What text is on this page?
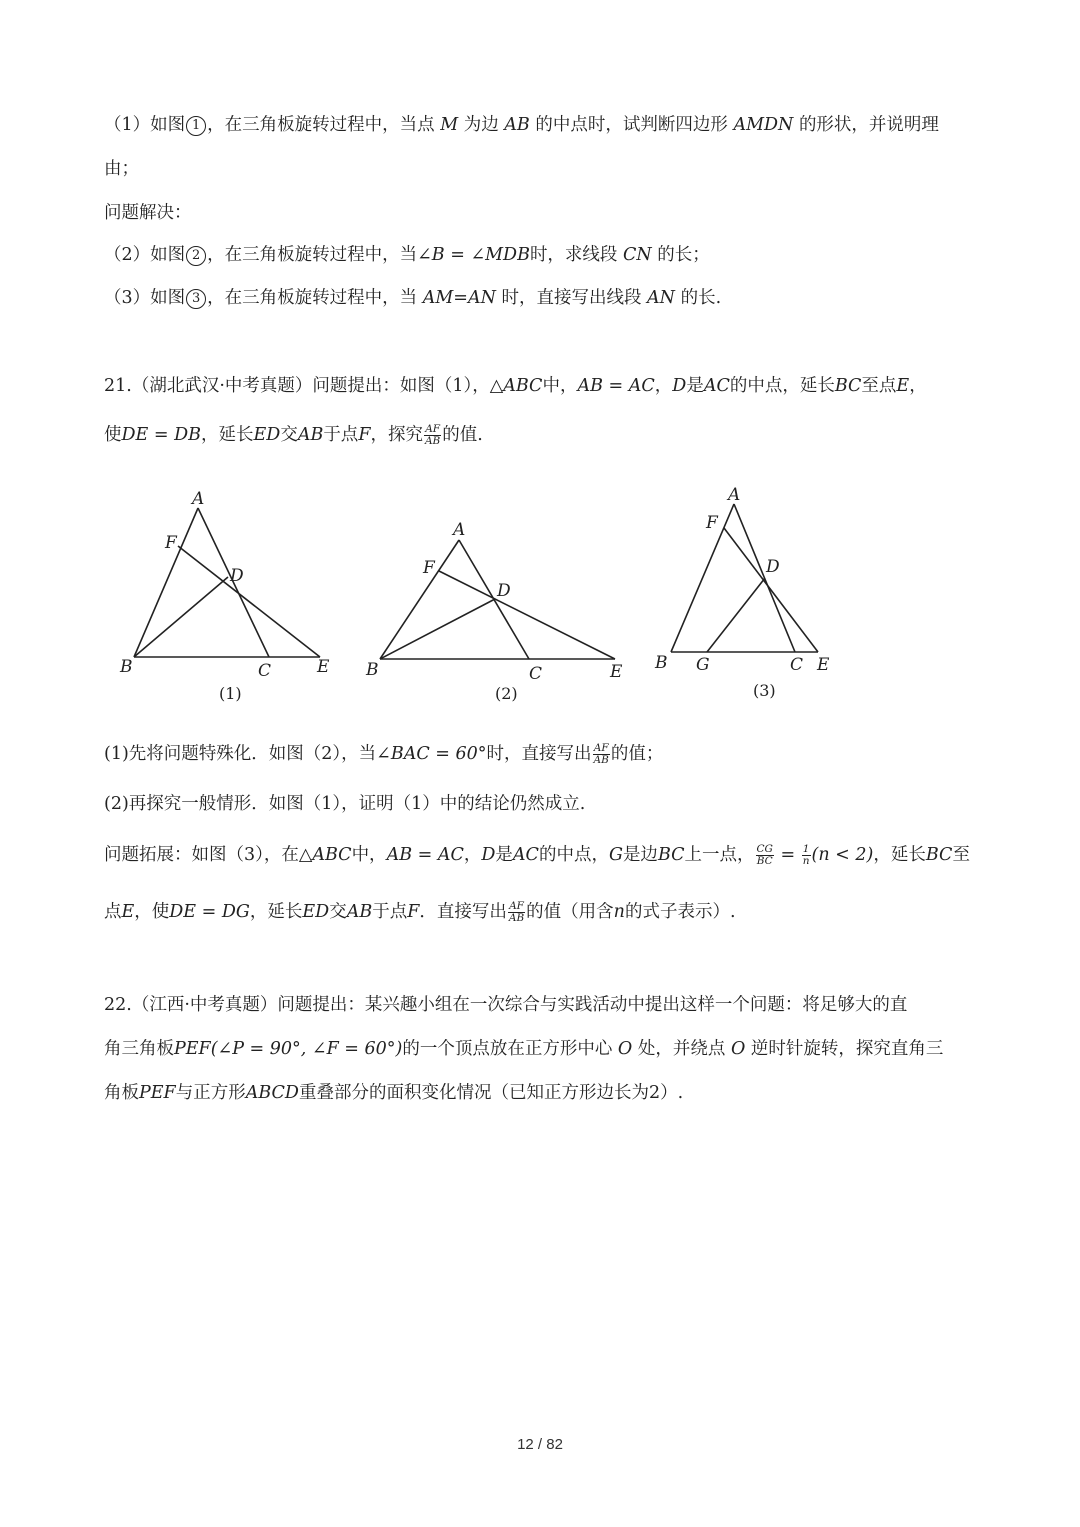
（1）如图 1 ，在三角板旋转过程中，当点 M 为边 AB 的中点时，试判断四边形 AMDN 的形状，并说明理
由；
问题解决：
（2）如图 2 ，在三角板旋转过程中，当∠B = ∠MDB时，求线段 CN 的长；
（3）如图 3 ，在三角板旋转过程中，当 AM=AN 时，直接写出线段 AN 的长.
21.（湖北武汉·中考真题）问题提出：如图（1），△ABC中，AB = AC，D是AC的中点，延长BC至点E，
使DE = DB，延长ED交AB于点F，探究 $\frac{AF}{AB}$ 的值.
A
F
D
B	C	E
(1)
A
F
D
B	C	E
(2)
A
F
D
B G	C E
(3)
(1)先将问题特殊化．如图（2），当∠BAC = 60°时，直接写出 $\frac{AF}{AB}$ 的值；
(2)再探究一般情形．如图（1），证明（1）中的结论仍然成立.
问题拓展：如图（3），在△ABC中，AB = AC，D是AC的中点，G是边BC上一点， $\frac{CG}{BC} = \frac{1}{n} (n < 2)$，延长BC至
点E，使DE = DG，延长ED交AB于点F．直接写出 $\frac{AF}{AB}$ 的值（用含n的式子表示）.
22.（江西·中考真题）问题提出：某兴趣小组在一次综合与实践活动中提出这样一个问题：将足够大的直
角三角板PEF(∠P = 90°, ∠F = 60°)的一个顶点放在正方形中心 O 处，并绕点 O 逆时针旋转，探究直角三
角板PEF与正方形ABCD重叠部分的面积变化情况（已知正方形边长为2）.
12 / 82
